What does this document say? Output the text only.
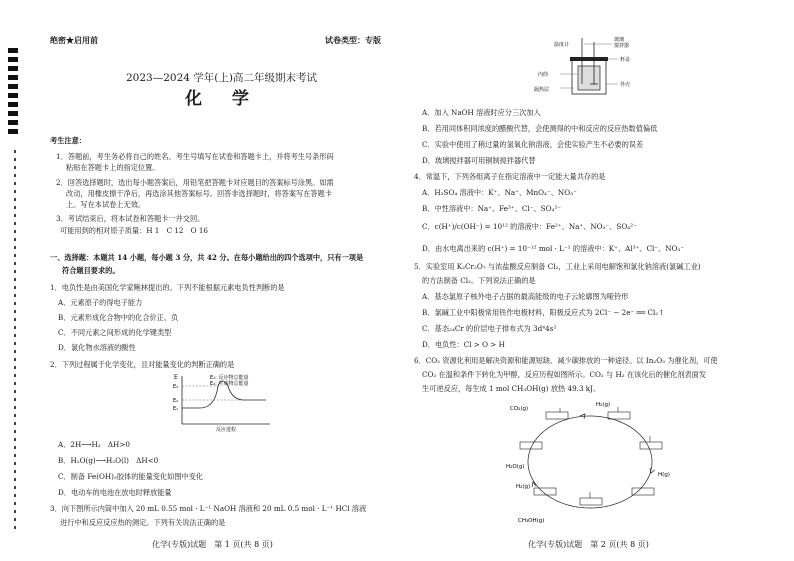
绝密★启用前	试卷类型：专版
2023—2024 学年(上)高二年级期末考试
化 学
考生注意：
1．答题前，考生务必将自己的姓名、考生号填写在试卷和答题卡上，并将考生号条形码
粘贴在答题卡上的指定位置。
2．回答选择题时，选出每小题答案后，用铅笔把答题卡对应题目的答案标号涂黑。如需
改动，用橡皮擦干净后，再选涂其他答案标号。回答非选择题时，将答案写在答题卡
上。写在本试卷上无效。
3．考试结束后，将本试卷和答题卡一并交回。
可能用到的相对原子质量：H 1　C 12　O 16
一、选择题：本题共 14 小题，每小题 3 分，共 42 分。在每小题给出的四个选项中，只有一项是
符合题目要求的。
1．电负性是由美国化学家鲍林提出的。下列不能根据元素电负性判断的是
A．元素原子的得电子能力
B．元素形成化合物中的化合价正、负
C．不同元素之间形成的化学键类型
D．氯化物水溶液的酸性
2．下列过程属于化学变化，且对能量变化的判断正确的是
E
E₃
E₂
E₁
反应进程
E₁: 反应物总能量
E₂: 生成物总能量
A．2H⟶H₂　ΔH>0
B．H₂O(g)⟶H₂O(l)　ΔH<0
C．制备 Fe(OH)₃胶体的能量变化如图中变化
D．电动车的电池在放电时释放能量
3．向下图所示内筒中加入 20 mL 0.55 mol · L⁻¹ NaOH 溶液和 20 mL 0.5 mol · L⁻¹ HCl 溶液
进行中和反应反应热的测定。下列有关说法正确的是
化学(专版)试题　第 1 页(共 8 页)
温度计
玻璃
搅拌器
杯盖
外壳
内筒
隔热层
A．加入 NaOH 溶液时应分三次加入
B．若用同体积同浓度的醋酸代替，会使测得的中和反应的反应热数值偏低
C．实验中使用了稍过量的氢氧化钠溶液，会使实验产生不必要的误差
D．玻璃搅拌器可用铜制搅拌器代替
4．常温下，下列各组离子在指定溶液中一定能大量共存的是
A．H₂SO₄ 溶液中：K⁺、Na⁺、MnO₄⁻、NO₃⁻
B．中性溶液中：Na⁺、Fe³⁺、Cl⁻、SO₄²⁻
C．c(H⁺)/c(OH⁻) = 10¹² 的溶液中：Fe²⁺、Na⁺、NO₃⁻、SO₄²⁻
D．由水电离出来的 c(H⁺) = 10⁻¹² mol · L⁻¹ 的溶液中：K⁺、Al³⁺、Cl⁻、NO₃⁻
5．实验室用 K₂Cr₂O₇ 与浓盐酸反应制备 Cl₂，工业上采用电解饱和氯化钠溶液(氯碱工业)
的方法制备 Cl₂。下列说法正确的是
A．基态氯原子核外电子占据的最高能级的电子云轮廓图为哑铃形
B．氯碱工业中阳极常用铁作电极材料，阳极反应式为 2Cl⁻ − 2e⁻ ══ Cl₂↑
C．基态₂₄Cr 的价层电子排布式为 3d⁴4s²
D．电负性：Cl > O > H
6．CO₂ 资源化利用是解决资源和能源短缺、减少碳排放的一种途径。以 In₂O₃ 为催化剂，可使
CO₂ 在温和条件下转化为甲醇，反应历程如图所示。CO₂ 与 H₂ 在该化后的催化剂表面发
生可逆反应，每生成 1 mol CH₃OH(g) 放热 49.3 kJ。
CO₂(g)
H₂(g)
H(g)
H₂O(g)
H₂(g)
CH₃OH(g)
化学(专版)试题　第 2 页(共 8 页)
